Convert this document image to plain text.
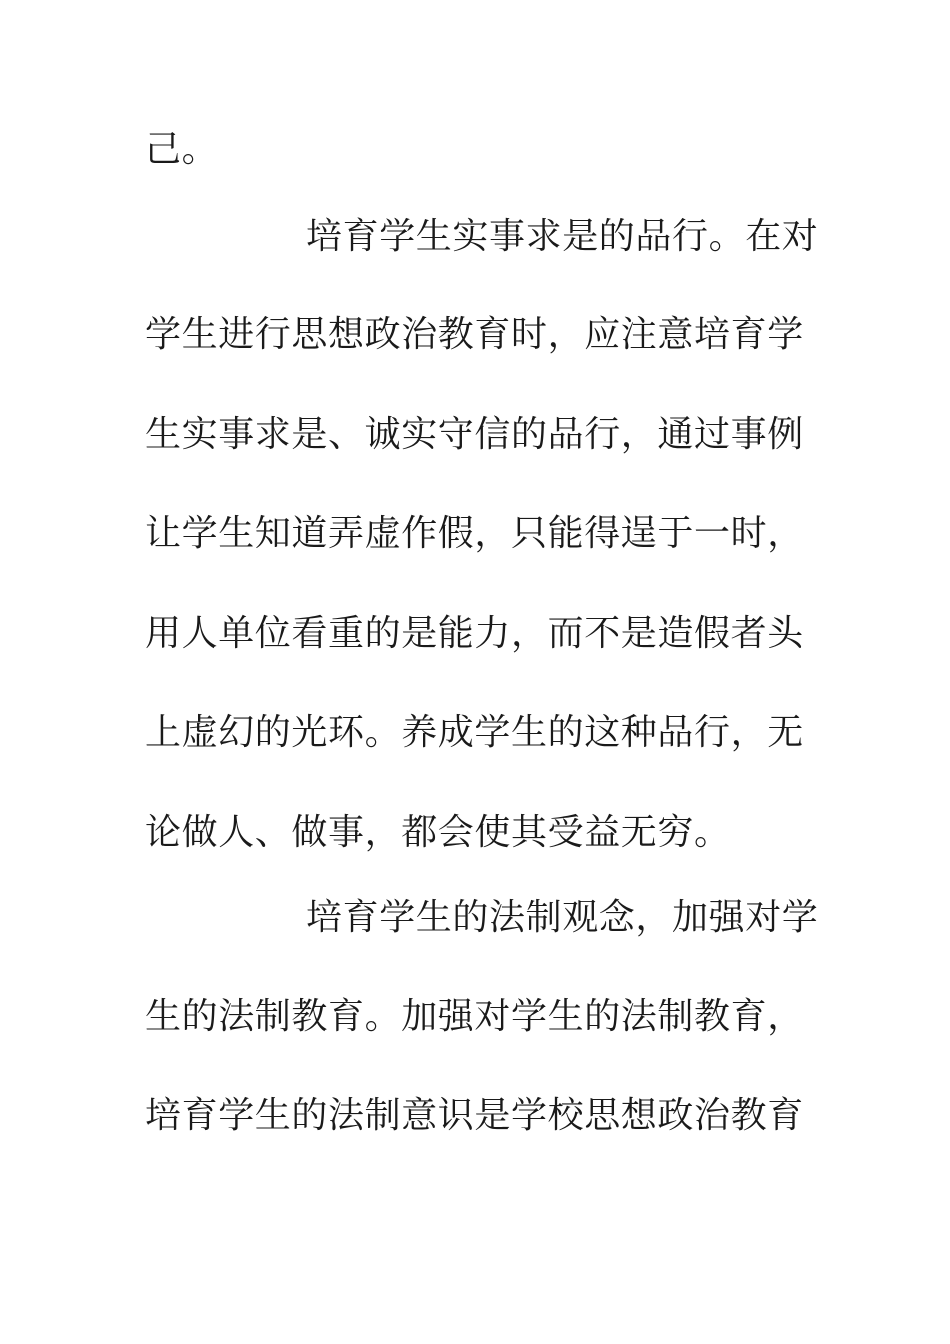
己。
培育学生实事求是的品行。在对
学生进行思想政治教育时，应注意培育学
生实事求是、诚实守信的品行，通过事例
让学生知道弄虚作假，只能得逞于一时，
用人单位看重的是能力，而不是造假者头
上虚幻的光环。养成学生的这种品行，无
论做人、做事，都会使其受益无穷。
培育学生的法制观念，加强对学
生的法制教育。加强对学生的法制教育，
培育学生的法制意识是学校思想政治教育
